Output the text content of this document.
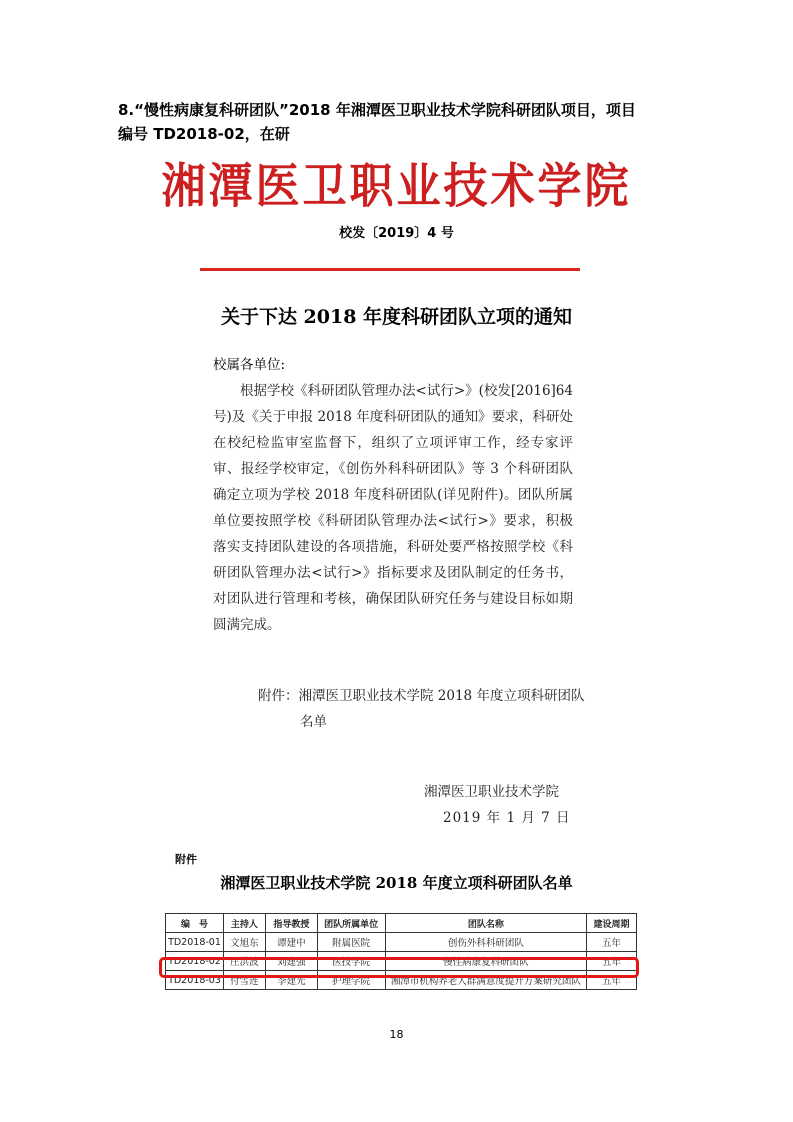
8.“慢性病康复科研团队”2018 年湘潭医卫职业技术学院科研团队项目，项目
编号 TD2018-02，在研
湘潭医卫职业技术学院
校发〔2019〕4 号
关于下达 2018 年度科研团队立项的通知
校属各单位:

根据学校《科研团队管理办法<试行>》(校发[2016]64号)及《关于申报 2018 年度科研团队的通知》要求，科研处在校纪检监审室监督下，组织了立项评审工作，经专家评审、报经学校审定，《创伤外科科研团队》等 3 个科研团队确定立项为学校 2018 年度科研团队(详见附件)。团队所属单位要按照学校《科研团队管理办法<试行>》要求，积极落实支持团队建设的各项措施，科研处要严格按照学校《科研团队管理办法<试行>》指标要求及团队制定的任务书，对团队进行管理和考核，确保团队研究任务与建设目标如期圆满完成。

附件：湘潭医卫职业技术学院 2018 年度立项科研团队
名单
湘潭医卫职业技术学院
2019 年 1 月 7 日
附件
湘潭医卫职业技术学院 2018 年度立项科研团队名单
编　号	主持人	指导教授	团队所属单位	团队名称	建设周期
TD2018-01	文旭东	谭建中	附属医院	创伤外科科研团队	五年
TD2018-02	庄洪波	刘建强	医技学院	慢性病康复科研团队	五年
TD2018-03	付雪连	李建光	护理学院	湘潭市机构养老人群满意度提升方案研究团队	五年
18
